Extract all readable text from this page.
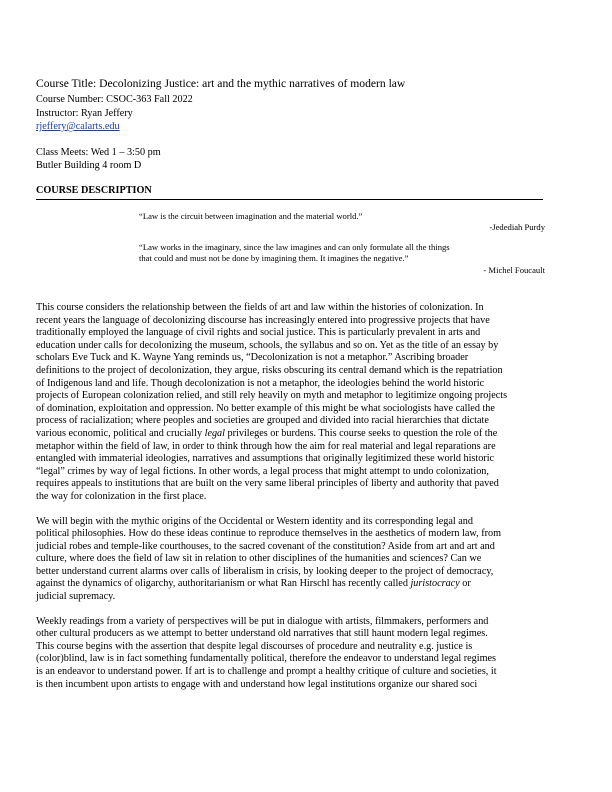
Course Title: Decolonizing Justice: art and the mythic narratives of modern law
Course Number: CSOC-363 Fall 2022
Instructor: Ryan Jeffery
rjeffery@calarts.edu
Class Meets: Wed 1 – 3:50 pm
Butler Building 4 room D
COURSE DESCRIPTION
“Law is the circuit between imagination and the material world.”
-Jedediah Purdy
“Law works in the imaginary, since the law imagines and can only formulate all the things
that could and must not be done by imagining them. It imagines the negative.”
- Michel Foucault
This course considers the relationship between the fields of art and law within the histories of colonization. In
recent years the language of decolonizing discourse has increasingly entered into progressive projects that have
traditionally employed the language of civil rights and social justice. This is particularly prevalent in arts and
education under calls for decolonizing the museum, schools, the syllabus and so on. Yet as the title of an essay by
scholars Eve Tuck and K. Wayne Yang reminds us, “Decolonization is not a metaphor.” Ascribing broader
definitions to the project of decolonization, they argue, risks obscuring its central demand which is the repatriation
of Indigenous land and life. Though decolonization is not a metaphor, the ideologies behind the world historic
projects of European colonization relied, and still rely heavily on myth and metaphor to legitimize ongoing projects
of domination, exploitation and oppression. No better example of this might be what sociologists have called the
process of racialization; where peoples and societies are grouped and divided into racial hierarchies that dictate
various economic, political and crucially legal privileges or burdens. This course seeks to question the role of the
metaphor within the field of law, in order to think through how the aim for real material and legal reparations are
entangled with immaterial ideologies, narratives and assumptions that originally legitimized these world historic
“legal” crimes by way of legal fictions. In other words, a legal process that might attempt to undo colonization,
requires appeals to institutions that are built on the very same liberal principles of liberty and authority that paved
the way for colonization in the first place.
We will begin with the mythic origins of the Occidental or Western identity and its corresponding legal and
political philosophies. How do these ideas continue to reproduce themselves in the aesthetics of modern law, from
judicial robes and temple-like courthouses, to the sacred covenant of the constitution? Aside from art and art and
culture, where does the field of law sit in relation to other disciplines of the humanities and sciences? Can we
better understand current alarms over calls of liberalism in crisis, by looking deeper to the project of democracy,
against the dynamics of oligarchy, authoritarianism or what Ran Hirschl has recently called juristocracy or
judicial supremacy.
Weekly readings from a variety of perspectives will be put in dialogue with artists, filmmakers, performers and
other cultural producers as we attempt to better understand old narratives that still haunt modern legal regimes.
This course begins with the assertion that despite legal discourses of procedure and neutrality e.g. justice is
(color)blind, law is in fact something fundamentally political, therefore the endeavor to understand legal regimes
is an endeavor to understand power. If art is to challenge and prompt a healthy critique of culture and societies, it
is then incumbent upon artists to engage with and understand how legal institutions organize our shared soci
